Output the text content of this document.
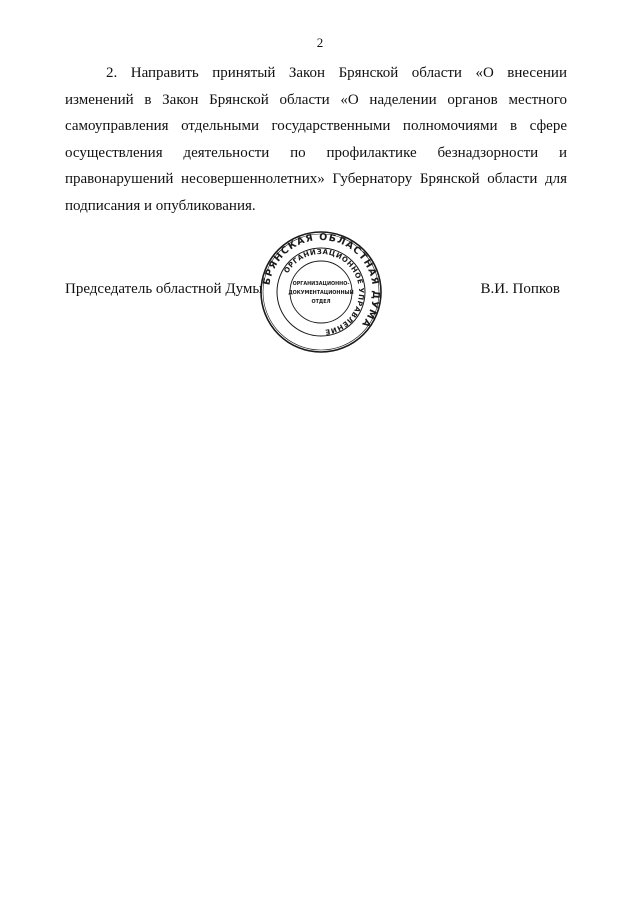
2
2. Направить принятый Закон Брянской области «О внесении
изменений в Закон Брянской области «О наделении органов местного
самоуправления отдельными государственными полномочиями в сфере
осуществления деятельности по профилактике безнадзорности и
правонарушений несовершеннолетних» Губернатору Брянской области для
подписания и опубликования.
Председатель областной Думы
БРЯНСКАЯ ОБЛАСТНАЯ ДУМА
ОРГАНИЗАЦИОННОЕ УПРАВЛЕНИЕ
ОРГАНИЗАЦИОННО-
ДОКУМЕНТАЦИОННЫЙ
ОТДЕЛ
В.И. Попков
